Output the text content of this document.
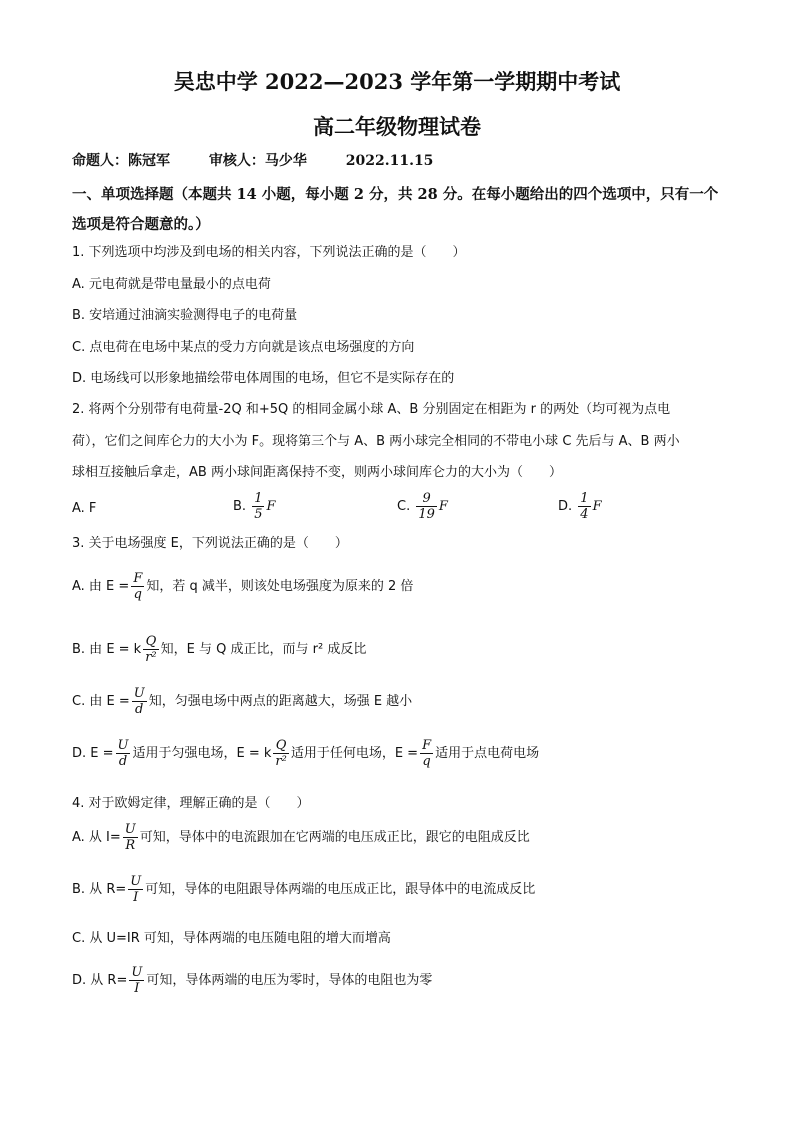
吴忠中学 2022—2023 学年第一学期期中考试
高二年级物理试卷
命题人：陈冠军	审核人：马少华	2022.11.15
一、单项选择题（本题共 14 小题，每小题 2 分，共 28 分。在每小题给出的四个选项中，只有一个选项是符合题意的。）
1. 下列选项中均涉及到电场的相关内容，下列说法正确的是（　　）
A. 元电荷就是带电量最小的点电荷
B. 安培通过油滴实验测得电子的电荷量
C. 点电荷在电场中某点的受力方向就是该点电场强度的方向
D. 电场线可以形象地描绘带电体周围的电场，但它不是实际存在的
2. 将两个分别带有电荷量-2Q 和+5Q 的相同金属小球 A、B 分别固定在相距为 r 的两处（均可视为点电
荷），它们之间库仑力的大小为 F。现将第三个与 A、B 两小球完全相同的不带电小球 C 先后与 A、B 两小
球相互接触后拿走，AB 两小球间距离保持不变，则两小球间库仑力的大小为（　　）
A. F	B. $\frac{1}{5}$ F	C. $\frac{9}{19}$ F	D. $\frac{1}{4}$ F
3. 关于电场强度 E，下列说法正确的是（　　）
A. 由 $E = \frac{F}{q}$ 知，若 q 减半，则该处电场强度为原来的 2 倍
B. 由 E = k $\frac{Q}{\text{r²}}$ 知，E 与 Q 成正比，而与 r² 成反比
C. 由 $E = \frac{U}{d}$ 知，匀强电场中两点的距离越大，场强 E 越小
D. $E = \frac{U}{d}$ 适用于匀强电场，E = k $\frac{Q}{\text{r²}}$ 适用于任何电场，$E = \frac{F}{q}$ 适用于点电荷电场
4. 对于欧姆定律，理解正确的是（　　）
A. 从 $I= \frac{U}{R}$ 可知，导体中的电流跟加在它两端的电压成正比，跟它的电阻成反比
B. 从 $R= \frac{U}{I}$ 可知，导体的电阻跟导体两端的电压成正比，跟导体中的电流成反比
C. 从 U=IR 可知，导体两端的电压随电阻的增大而增高
D. 从 $R= \frac{U}{I}$ 可知，导体两端的电压为零时，导体的电阻也为零
